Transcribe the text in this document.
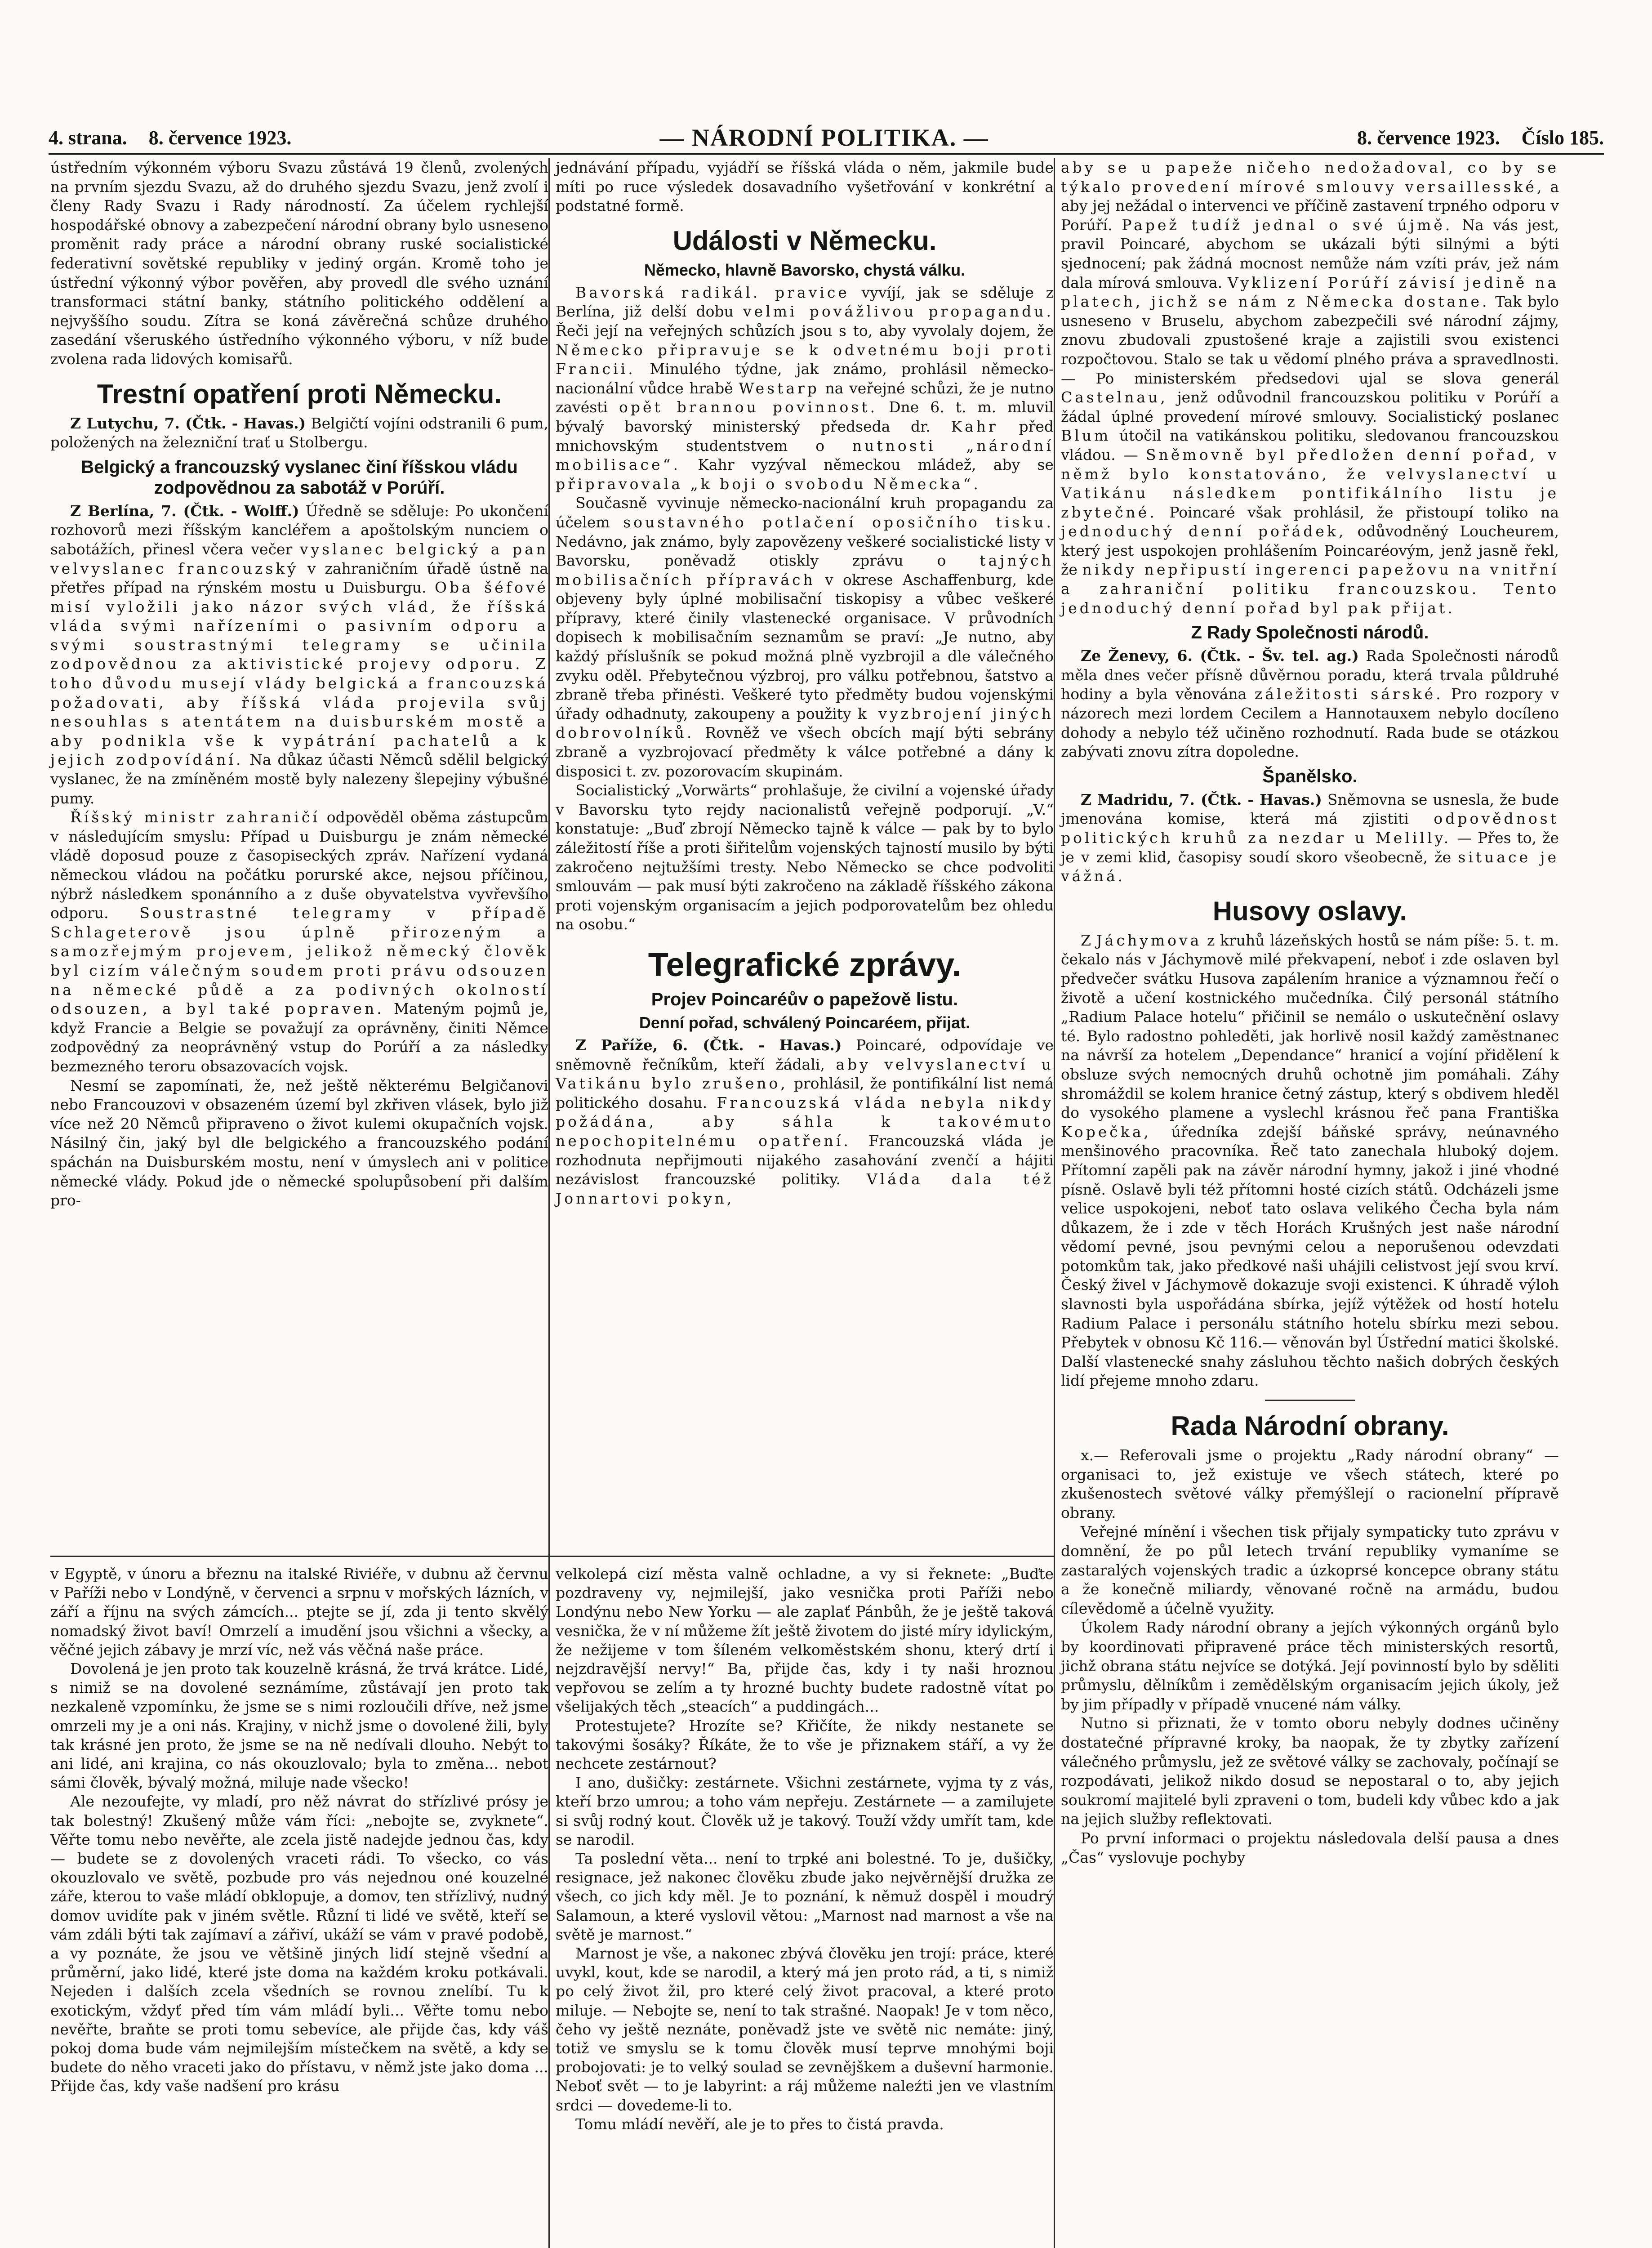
4. strana. 8. července 1923.	— NÁRODNÍ POLITIKA. —	8. července 1923. Číslo 185.

ústředním výkonném výboru Svazu zůstává 19 členů, zvolených na prvním sjezdu Svazu, až do druhého sjezdu Svazu, jenž zvolí i členy Rady Svazu i Rady národností. Za účelem rychlejší hospodářské obnovy a zabezpečení národní obrany bylo usneseno proměnit rady práce a národní obrany ruské socialistické federativní sovětské republiky v jediný orgán. Kromě toho je ústřední výkonný výbor pověřen, aby provedl dle svého uznání transformaci státní banky, státního politického oddělení a nejvyššího soudu. Zítra se koná závěrečná schůze druhého zasedání všeruského ústředního výkonného výboru, v níž bude zvolena rada lidových komisařů.

Trestní opatření proti Německu.

Z Lutychu, 7. (Čtk. - Havas.) Belgičtí vojíni odstranili 6 pum, položených na železniční trať u Stolbergu.

Belgický a francouzský vyslanec činí říšskou vládu zodpovědnou za sabotáž v Porúří.

Z Berlína, 7. (Čtk. - Wolff.) Úředně se sděluje: Po ukončení rozhovorů mezi říšským kancléřem a apoštolským nunciem o sabotážích, přinesl včera večer vyslanec belgický a pan velvyslanec francouzský v zahraničním úřadě ústně na přetřes případ na rýnském mostu u Duisburgu. Oba šéfové misí vyložili jako názor svých vlád, že říšská vláda svými nařízeními o pasivním odporu a svými soustrastnými telegramy se učinila zodpovědnou za aktivistické projevy odporu. Z toho důvodu musejí vlády belgická a francouzská požadovati, aby říšská vláda projevila svůj nesouhlas s atentátem na duisburském mostě a aby podnikla vše k vypátrání pachatelů a k jejich zodpovídání. Na důkaz účasti Němců sdělil belgický vyslanec, že na zmíněném mostě byly nalezeny šlepejiny výbušné pumy.

Říšský ministr zahraničí odpověděl oběma zástupcům v následujícím smyslu: Případ u Duisburgu je znám německé vládě doposud pouze z časopiseckých zpráv. Nařízení vydaná německou vládou na počátku porurské akce, nejsou příčinou, nýbrž následkem sponánního a z duše obyvatelstva vyvřevšího odporu. Soustrastné telegramy v případě Schlageterově jsou úplně přirozeným a samozřejmým projevem, jelikož německý člověk byl cizím válečným soudem proti právu odsouzen na německé půdě a za podivných okolností odsouzen, a byl také popraven. Mateným pojmů je, když Francie a Belgie se považují za oprávněny, činiti Němce zodpovědný za neoprávněný vstup do Porúří a za následky bezmezného teroru obsazovacích vojsk.

Nesmí se zapomínati, že, než ještě některému Belgičanovi nebo Francouzovi v obsazeném území byl zkřiven vlásek, bylo již více než 20 Němců připraveno o život kulemi okupačních vojsk. Násilný čin, jaký byl dle belgického a francouzského podání spáchán na Duisburském mostu, není v úmyslech ani v politice německé vlády. Pokud jde o německé spolupůsobení při dalším pro-

jednávání případu, vyjádří se říšská vláda o něm, jakmile bude míti po ruce výsledek dosavadního vyšetřování v konkrétní a podstatné formě.

Události v Německu.
Německo, hlavně Bavorsko, chystá válku.

Bavorská radikál. pravice vyvíjí, jak se sděluje z Berlína, již delší dobu velmi povážlivou propagandu. Řeči její na veřejných schůzích jsou s to, aby vyvolaly dojem, že Německo připravuje se k odvetnému boji proti Francii. Minulého týdne, jak známo, prohlásil německo-nacionální vůdce hrabě Westarp na veřejné schůzi, že je nutno zavésti opět brannou povinnost. Dne 6. t. m. mluvil bývalý bavorský ministerský předseda dr. Kahr před mnichovským studentstvem o nutnosti „národní mobilisace“. Kahr vyzýval německou mládež, aby se připravovala „k boji o svobodu Německa“.

Současně vyvinuje německo-nacionální kruh propagandu za účelem soustavného potlačení oposičního tisku. Nedávno, jak známo, byly zapovězeny veškeré socialistické listy v Bavorsku, poněvadž otiskly zprávu o tajných mobilisačních přípravách v okrese Aschaffenburg, kde objeveny byly úplné mobilisační tiskopisy a vůbec veškeré přípravy, které činily vlastenecké organisace. V průvodních dopisech k mobilisačním seznamům se praví: „Je nutno, aby každý příslušník se pokud možná plně vyzbrojil a dle válečného zvyku oděl. Přebytečnou výzbroj, pro válku potřebnou, šatstvo a zbraně třeba přinésti. Veškeré tyto předměty budou vojenskými úřady odhadnuty, zakoupeny a použity k vyzbrojení jiných dobrovolníků. Rovněž ve všech obcích mají býti sebrány zbraně a vyzbrojovací předměty k válce potřebné a dány k disposici t. zv. pozorovacím skupinám.

Socialistický „Vorwärts“ prohlašuje, že civilní a vojenské úřady v Bavorsku tyto rejdy nacionalistů veřejně podporují. „V.“ konstatuje: „Buď zbrojí Německo tajně k válce — pak by to bylo záležitostí říše a proti šiřitelům vojenských tajností musilo by býti zakročeno nejtužšími tresty. Nebo Německo se chce podvoliti smlouvám — pak musí býti zakročeno na základě říšského zákona proti vojenským organisacím a jejich podporovatelům bez ohledu na osobu.“

Telegrafické zprávy.
Projev Poincaréův o papežově listu.
Denní pořad, schválený Poincaréem, přijat.

Z Paříže, 6. (Čtk. - Havas.) Poincaré, odpovídaje ve sněmovně řečníkům, kteří žádali, aby velvyslanectví u Vatikánu bylo zrušeno, prohlásil, že pontifikální list nemá politického dosahu. Francouzská vláda nebyla nikdy požádána, aby sáhla k takovémuto nepochopitelnému opatření. Francouzská vláda je rozhodnuta nepřijmouti nijakého zasahování zvenčí a hájiti nezávislost francouzské politiky. Vláda dala též Jonnartovi pokyn,

aby se u papeže ničeho nedožadoval, co by se týkalo provedení mírové smlouvy versaillesské, a aby jej nežádal o intervenci ve příčině zastavení trpného odporu v Porúří. Papež tudíž jednal o své újmě. Na vás jest, pravil Poincaré, abychom se ukázali býti silnými a býti sjednocení; pak žádná mocnost nemůže nám vzíti práv, jež nám dala mírová smlouva. Vyklizení Porúří závisí jedině na platech, jichž se nám z Německa dostane. Tak bylo usneseno v Bruselu, abychom zabezpečili své národní zájmy, znovu zbudovali zpustošené kraje a zajistili svou existenci rozpočtovou. Stalo se tak u vědomí plného práva a spravedlnosti. — Po ministerském předsedovi ujal se slova generál Castelnau, jenž odůvodnil francouzskou politiku v Porúří a žádal úplné provedení mírové smlouvy. Socialistický poslanec Blum útočil na vatikánskou politiku, sledovanou francouzskou vládou. — Sněmovně byl předložen denní pořad, v němž bylo konstatováno, že velvyslanectví u Vatikánu následkem pontifikálního listu je zbytečné. Poincaré však prohlásil, že přistoupí toliko na jednoduchý denní pořádek, odůvodněný Loucheurem, který jest uspokojen prohlášením Poincaréovým, jenž jasně řekl, že nikdy nepřipustí ingerenci papežovu na vnitřní a zahraniční politiku francouzskou. Tento jednoduchý denní pořad byl pak přijat.

Z Rady Společnosti národů.

Ze Ženevy, 6. (Čtk. - Šv. tel. ag.) Rada Společnosti národů měla dnes večer přísně důvěrnou poradu, která trvala půldruhé hodiny a byla věnována záležitosti sárské. Pro rozpory v názorech mezi lordem Cecilem a Hannotauxem nebylo docíleno dohody a nebylo též učiněno rozhodnutí. Rada bude se otázkou zabývati znovu zítra dopoledne.

Španělsko.

Z Madridu, 7. (Čtk. - Havas.) Sněmovna se usnesla, že bude jmenována komise, která má zjistiti odpovědnost politických kruhů za nezdar u Melilly. — Přes to, že je v zemi klid, časopisy soudí skoro všeobecně, že situace je vážná.

Husovy oslavy.

Z Jáchymova z kruhů lázeňských hostů se nám píše: 5. t. m. čekalo nás v Jáchymově milé překvapení, neboť i zde oslaven byl předvečer svátku Husova zapálením hranice a významnou řečí o životě a učení kostnického mučedníka. Čilý personál státního „Radium Palace hotelu“ přičinil se nemálo o uskutečnění oslavy té. Bylo radostno pohleděti, jak horlivě nosil každý zaměstnanec na návrší za hotelem „Dependance“ hranicí a vojíní přidělení k obsluze svých nemocných druhů ochotně jim pomáhali. Záhy shromáždil se kolem hranice četný zástup, který s obdivem hleděl do vysokého plamene a vyslechl krásnou řeč pana Františka Kopečka, úředníka zdejší báňské správy, neúnavného menšinového pracovníka. Řeč tato zanechala hluboký dojem. Přítomní zapěli pak na závěr národní hymny, jakož i jiné vhodné písně. Oslavě byli též přítomni hosté cizích států. Odcházeli jsme velice uspokojeni, neboť tato oslava velikého Čecha byla nám důkazem, že i zde v těch Horách Krušných jest naše národní vědomí pevné, jsou pevnými celou a neporušenou odevzdati potomkům tak, jako předkové naši uhájili celistvost její svou krví. Český živel v Jáchymově dokazuje svoji existenci. K úhradě výloh slavnosti byla uspořádána sbírka, jejíž výtěžek od hostí hotelu Radium Palace i personálu státního hotelu sbírku mezi sebou. Přebytek v obnosu Kč 116.— věnován byl Ústřední matici školské. Další vlastenecké snahy zásluhou těchto našich dobrých českých lidí přejeme mnoho zdaru.

Rada Národní obrany.

x.— Referovali jsme o projektu „Rady národní obrany“ — organisaci to, jež existuje ve všech státech, které po zkušenostech světové války přemýšlejí o racionelní přípravě obrany.

Veřejné mínění i všechen tisk přijaly sympaticky tuto zprávu v domnění, že po půl letech trvání republiky vymaníme se zastaralých vojenských tradic a úzkoprsé koncepce obrany státu a že konečně miliardy, věnované ročně na armádu, budou cílevědomě a účelně využity.

Úkolem Rady národní obrany a jejích výkonných orgánů bylo by koordinovati připravené práce těch ministerských resortů, jichž obrana státu nejvíce se dotýká. Její povinností bylo by sděliti průmyslu, dělníkům i zemědělským organisacím jejich úkoly, jež by jim případly v případě vnucené nám války.

Nutno si přiznati, že v tomto oboru nebyly dodnes učiněny dostatečné přípravné kroky, ba naopak, že ty zbytky zařízení válečného průmyslu, jež ze světové války se zachovaly, počínají se rozpodávati, jelikož nikdo dosud se nepostaral o to, aby jejich soukromí majitelé byli zpraveni o tom, budeli kdy vůbec kdo a jak na jejich služby reflektovati.

Po první informaci o projektu následovala delší pausa a dnes „Čas“ vyslovuje pochyby

v Egyptě, v únoru a březnu na italské Riviéře, v dubnu až červnu v Paříži nebo v Londýně, v červenci a srpnu v mořských lázních, v září a říjnu na svých zámcích... ptejte se jí, zda ji tento skvělý nomadský život baví! Omrzelí a imudění jsou všichni a všecky, a věčné jejich zábavy je mrzí víc, než vás věčná naše práce.

Dovolená je jen proto tak kouzelně krásná, že trvá krátce. Lidé, s nimiž se na dovolené seznámíme, zůstávají jen proto tak nezkaleně vzpomínku, že jsme se s nimi rozloučili dříve, než jsme omrzeli my je a oni nás. Krajiny, v nichž jsme o dovolené žili, byly tak krásné jen proto, že jsme se na ně nedívali dlouho. Nebýt to ani lidé, ani krajina, co nás okouzlovalo; byla to změna... nebot sámi člověk, bývalý možná, miluje nade všecko!

Ale nezoufejte, vy mladí, pro něž návrat do střízlivé prósy je tak bolestný! Zkušený může vám říci: „nebojte se, zvyknete“. Věřte tomu nebo nevěřte, ale zcela jistě nadejde jednou čas, kdy — budete se z dovolených vraceti rádi. To všecko, co vás okouzlovalo ve světě, pozbude pro vás nejednou oné kouzelné záře, kterou to vaše mládí obklopuje, a domov, ten střízlivý, nudný domov uvidíte pak v jiném světle. Různí ti lidé ve světě, kteří se vám zdáli býti tak zajímaví a zářiví, ukáží se vám v pravé podobě, a vy poznáte, že jsou ve většině jiných lidí stejně všední a průměrní, jako lidé, které jste doma na každém kroku potkávali. Nejeden i dalších zcela všedních se rovnou znelíbí. Tu k exotickým, vždyť před tím vám mládí byli... Věřte tomu nebo nevěřte, braňte se proti tomu sebevíce, ale přijde čas, kdy váš pokoj doma bude vám nejmilejším místečkem na světě, a kdy se budete do něho vraceti jako do přístavu, v němž jste jako doma ... Přijde čas, kdy vaše nadšení pro krásu

velkolepá cizí města valně ochladne, a vy si řeknete: „Buďte pozdraveny vy, nejmilejší, jako vesnička proti Paříži nebo Londýnu nebo New Yorku — ale zaplať Pánbůh, že je ještě taková vesnička, že v ní můžeme žít ještě životem do jisté míry idylickým, že nežijeme v tom šíleném velkoměstském shonu, který drtí i nejzdravější nervy!“ Ba, přijde čas, kdy i ty naši hroznou vepřovou se zelím a ty hrozné buchty budete radostně vítat po všelijakých těch „steacích“ a puddingách...

Protestujete? Hrozíte se? Křičíte, že nikdy nestanete se takovými šosáky? Říkáte, že to vše je přiznakem stáří, a vy že nechcete zestárnout?

I ano, dušičky: zestárnete. Všichni zestárnete, vyjma ty z vás, kteří brzo umrou; a toho vám nepřeju. Zestárnete — a zamilujete si svůj rodný kout. Člověk už je takový. Touží vždy umřít tam, kde se narodil.

Ta poslední věta... není to trpké ani bolestné. To je, dušičky, resignace, jež nakonec člověku zbude jako nejvěrnější družka ze všech, co jich kdy měl. Je to poznání, k němuž dospěl i moudrý Salamoun, a které vyslovil větou: „Marnost nad marnost a vše na světě je marnost.“

Marnost je vše, a nakonec zbývá člověku jen trojí: práce, které uvykl, kout, kde se narodil, a který má jen proto rád, a ti, s nimiž po celý život žil, pro které celý život pracoval, a které proto miluje. — Nebojte se, není to tak strašné. Naopak! Je v tom něco, čeho vy ještě neznáte, poněvadž jste ve světě nic nemáte: jiný, totiž ve smyslu se k tomu člověk musí teprve mnohými boji probojovati: je to velký soulad se zevnějškem a duševní harmonie. Neboť svět — to je labyrint: a ráj můžeme naleźti jen ve vlastním srdci — dovedeme-li to.

Tomu mládí nevěří, ale je to přes to čistá pravda.
